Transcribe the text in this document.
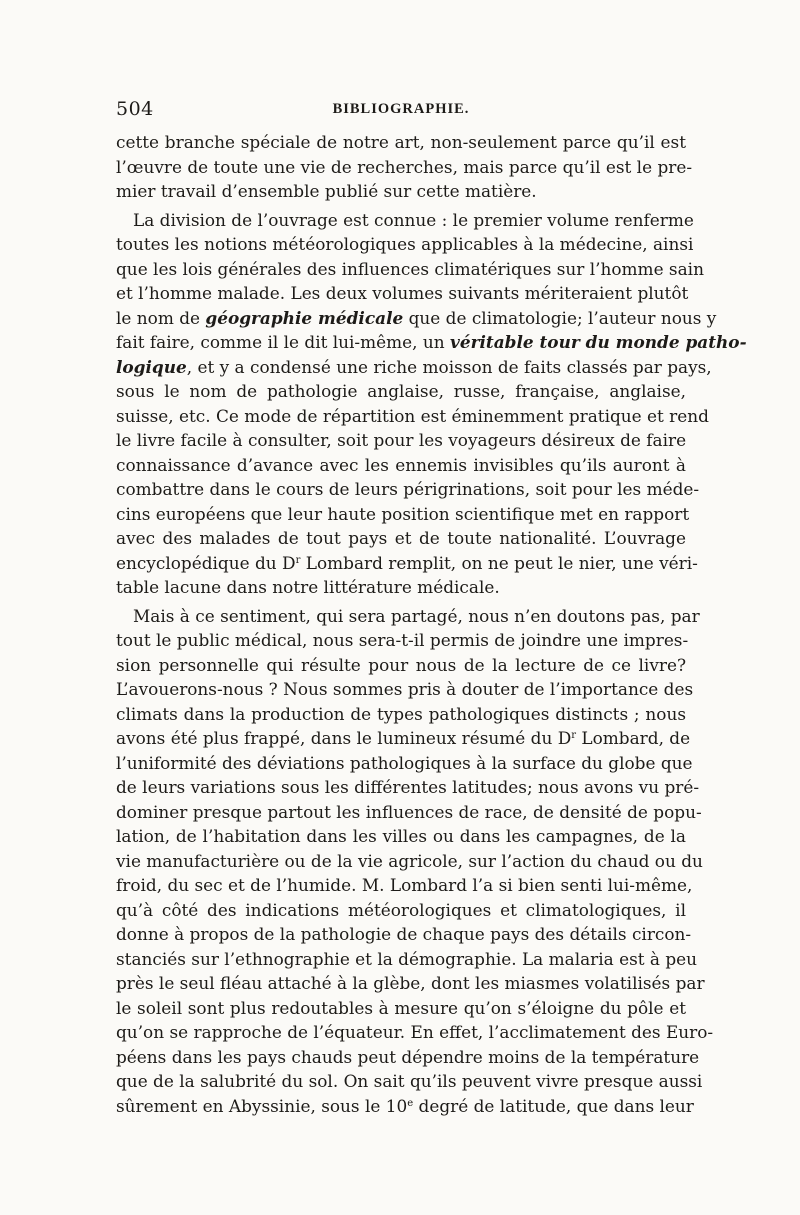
504	BIBLIOGRAPHIE.
cette branche spéciale de notre art, non-seulement parce qu’il est
l’œuvre de toute une vie de recherches, mais parce qu’il est le pre-
mier travail d’ensemble publié sur cette matière.
La division de l’ouvrage est connue : le premier volume renferme
toutes les notions météorologiques applicables à la médecine, ainsi
que les lois générales des influences climatériques sur l’homme sain
et l’homme malade. Les deux volumes suivants mériteraient plutôt
le nom de géographie médicale que de climatologie; l’auteur nous y
fait faire, comme il le dit lui-même, un véritable tour du monde patho-
logique, et y a condensé une riche moisson de faits classés par pays,
sous le nom de pathologie anglaise, russe, française, anglaise,
suisse, etc. Ce mode de répartition est éminemment pratique et rend
le livre facile à consulter, soit pour les voyageurs désireux de faire
connaissance d’avance avec les ennemis invisibles qu’ils auront à
combattre dans le cours de leurs périgrinations, soit pour les méde-
cins européens que leur haute position scientifique met en rapport
avec des malades de tout pays et de toute nationalité. L’ouvrage
encyclopédique du $D^r$ Lombard remplit, on ne peut le nier, une véri-
table lacune dans notre littérature médicale.
Mais à ce sentiment, qui sera partagé, nous n’en doutons pas, par
tout le public médical, nous sera-t-il permis de joindre une impres-
sion personnelle qui résulte pour nous de la lecture de ce livre?
L’avouerons-nous ? Nous sommes pris à douter de l’importance des
climats dans la production de types pathologiques distincts ; nous
avons été plus frappé, dans le lumineux résumé du $D^r$ Lombard, de
l’uniformité des déviations pathologiques à la surface du globe que
de leurs variations sous les différentes latitudes; nous avons vu pré-
dominer presque partout les influences de race, de densité de popu-
lation, de l’habitation dans les villes ou dans les campagnes, de la
vie manufacturière ou de la vie agricole, sur l’action du chaud ou du
froid, du sec et de l’humide. M. Lombard l’a si bien senti lui-même,
qu’à côté des indications météorologiques et climatologiques, il
donne à propos de la pathologie de chaque pays des détails circon-
stanciés sur l’ethnographie et la démographie. La malaria est à peu
près le seul fléau attaché à la glèbe, dont les miasmes volatilisés par
le soleil sont plus redoutables à mesure qu’on s’éloigne du pôle et
qu’on se rapproche de l’équateur. En effet, l’acclimatement des Euro-
péens dans les pays chauds peut dépendre moins de la température
que de la salubrité du sol. On sait qu’ils peuvent vivre presque aussi
sûrement en Abyssinie, sous le 10e degré de latitude, que dans leur
